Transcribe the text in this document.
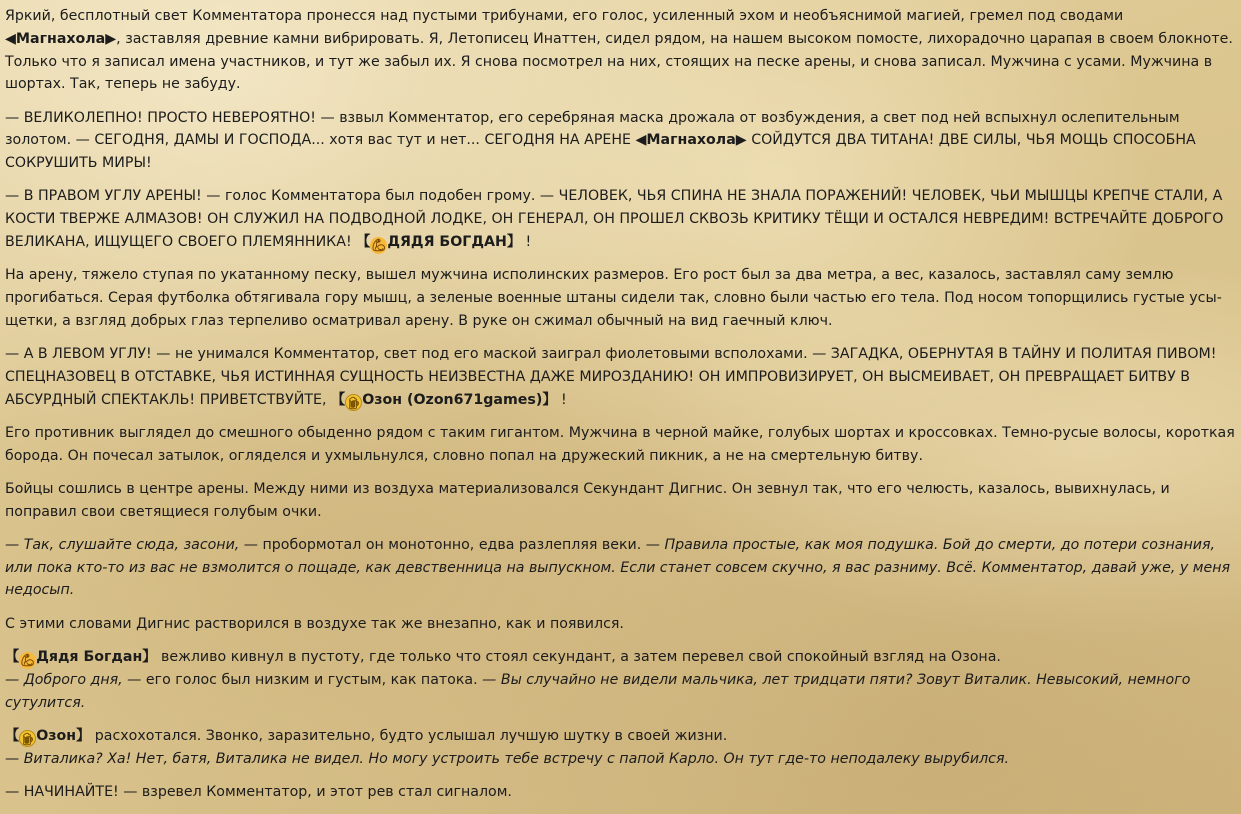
Яркий, бесплотный свет Комментатора пронесся над пустыми трибунами, его голос, усиленный эхом и необъяснимой магией, гремел под сводами ◀Магнахола▶, заставляя древние камни вибрировать. Я, Летописец Инаттен, сидел рядом, на нашем высоком помосте, лихорадочно царапая в своем блокноте. Только что я записал имена участников, и тут же забыл их. Я снова посмотрел на них, стоящих на песке арены, и снова записал. Мужчина с усами. Мужчина в шортах. Так, теперь не забуду.

— ВЕЛИКОЛЕПНО! ПРОСТО НЕВЕРОЯТНО! — взвыл Комментатор, его серебряная маска дрожала от возбуждения, а свет под ней вспыхнул ослепительным золотом. — СЕГОДНЯ, ДАМЫ И ГОСПОДА... хотя вас тут и нет... СЕГОДНЯ НА АРЕНЕ ◀Магнахола▶ СОЙДУТСЯ ДВА ТИТАНА! ДВЕ СИЛЫ, ЧЬЯ МОЩЬ СПОСОБНА СОКРУШИТЬ МИРЫ!

— В ПРАВОМ УГЛУ АРЕНЫ! — голос Комментатора был подобен грому. — ЧЕЛОВЕК, ЧЬЯ СПИНА НЕ ЗНАЛА ПОРАЖЕНИЙ! ЧЕЛОВЕК, ЧЬИ МЫШЦЫ КРЕПЧЕ СТАЛИ, А КОСТИ ТВЕРЖЕ АЛМАЗОВ! ОН СЛУЖИЛ НА ПОДВОДНОЙ ЛОДКЕ, ОН ГЕНЕРАЛ, ОН ПРОШЕЛ СКВОЗЬ КРИТИКУ ТЁЩИ И ОСТАЛСЯ НЕВРЕДИМ! ВСТРЕЧАЙТЕ ДОБРОГО ВЕЛИКАНА, ИЩУЩЕГО СВОЕГО ПЛЕМЯННИКА! 【💪︎ДЯДЯ БОГДАН】 !

На арену, тяжело ступая по укатанному песку, вышел мужчина исполинских размеров. Его рост был за два метра, а вес, казалось, заставлял саму землю прогибаться. Серая футболка обтягивала гору мышц, а зеленые военные штаны сидели так, словно были частью его тела. Под носом топорщились густые усыщетки, а взгляд добрых глаз терпеливо осматривал арену. В руке он сжимал обычный на вид гаечный ключ.

— А В ЛЕВОМ УГЛУ! — не унимался Комментатор, свет под его маской заиграл фиолетовыми всполохами. — ЗАГАДКА, ОБЕРНУТАЯ В ТАЙНУ И ПОЛИТАЯ ПИВОМ! СПЕЦНАЗОВЕЦ В ОТСТАВКЕ, ЧЬЯ ИСТИННАЯ СУЩНОСТЬ НЕИЗВЕСТНА ДАЖЕ МИРОЗДАНИЮ! ОН ИМПРОВИЗИРУЕТ, ОН ВЫСМЕИВАЕТ, ОН ПРЕВРАЩАЕТ БИТВУ В АБСУРДНЫЙ СПЕКТАКЛЬ! ПРИВЕТСТВУЙТЕ, 【🍺︎Озон (Ozon671games)】 !

Его противник выглядел до смешного обыденно рядом с таким гигантом. Мужчина в черной майке, голубых шортах и кроссовках. Темно-русые волосы, короткая борода. Он почесал затылок, огляделся и ухмыльнулся, словно попал на дружеский пикник, а не на смертельную битву.

Бойцы сошлись в центре арены. Между ними из воздуха материализовался Секундант Дигнис. Он зевнул так, что его челюсть, казалось, вывихнулась, и поправил свои светящиеся голубым очки.

— Так, слушайте сюда, засони, — пробормотал он монотонно, едва разлепляя веки. — Правила простые, как моя подушка. Бой до смерти, до потери сознания, или пока кто-то из вас не взмолится о пощаде, как девственница на выпускном. Если станет совсем скучно, я вас разниму. Всё. Комментатор, давай уже, у меня недосып.

С этими словами Дигнис растворился в воздухе так же внезапно, как и появился.

【💪︎Дядя Богдан】 вежливо кивнул в пустоту, где только что стоял секундант, а затем перевел свой спокойный взгляд на Озона.
— Доброго дня, — его голос был низким и густым, как патока. — Вы случайно не видели мальчика, лет тридцати пяти? Зовут Виталик. Невысокий, немного сутулится.

【🍺︎Озон】 расхохотался. Звонко, заразительно, будто услышал лучшую шутку в своей жизни.
— Виталика? Ха! Нет, батя, Виталика не видел. Но могу устроить тебе встречу с папой Карло. Он тут где-то неподалеку вырубился.

— НАЧИНАЙТЕ! — взревел Комментатор, и этот рев стал сигналом.
